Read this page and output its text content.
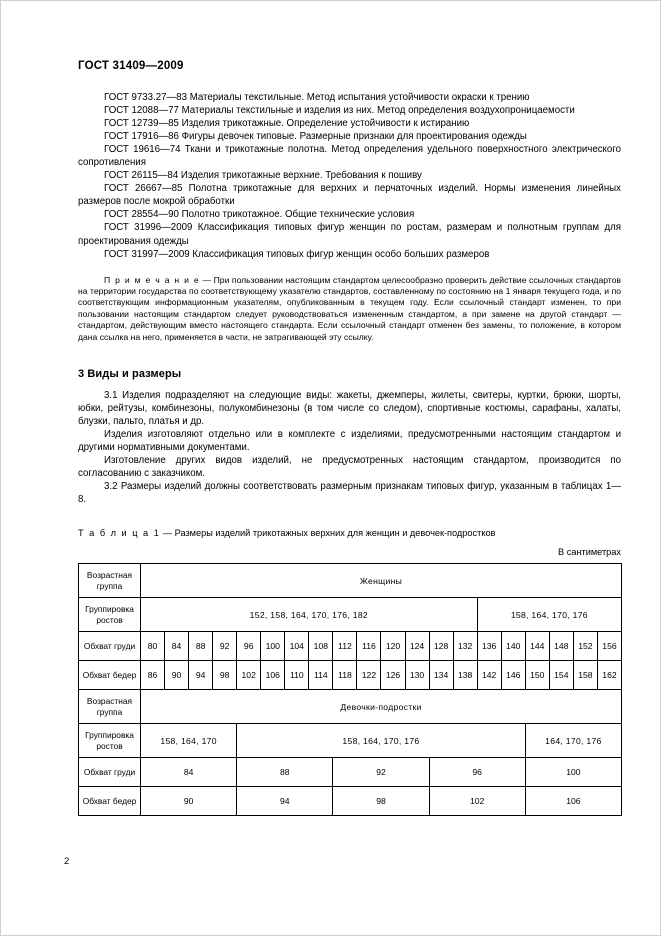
ГОСТ 31409—2009

ГОСТ 9733.27—83 Материалы текстильные. Метод испытания устойчивости окраски к трению

ГОСТ 12088—77 Материалы текстильные и изделия из них. Метод определения воздухопроницаемости

ГОСТ 12739—85 Изделия трикотажные. Определение устойчивости к истиранию

ГОСТ 17916—86 Фигуры девочек типовые. Размерные признаки для проектирования одежды

ГОСТ 19616—74 Ткани и трикотажные полотна. Метод определения удельного поверхностного электрического сопротивления

ГОСТ 26115—84 Изделия трикотажные верхние. Требования к пошиву

ГОСТ 26667—85 Полотна трикотажные для верхних и перчаточных изделий. Нормы изменения линейных размеров после мокрой обработки

ГОСТ 28554—90 Полотно трикотажное. Общие технические условия

ГОСТ 31996—2009 Классификация типовых фигур женщин по ростам, размерам и полнотным группам для проектирования одежды

ГОСТ 31997—2009 Классификация типовых фигур женщин особо больших размеров

П р и м е ч а н и е — При пользовании настоящим стандартом целесообразно проверить действие ссылочных стандартов на территории государства по соответствующему указателю стандартов, составленному по состоянию на 1 января текущего года, и по соответствующим информационным указателям, опубликованным в текущем году. Если ссылочный стандарт изменен, то при пользовании настоящим стандартом следует руководствоваться измененным стандартом, а при замене на другой стандарт — стандартом, действующим вместо настоящего стандарта. Если ссылочный стандарт отменен без замены, то положение, в котором дана ссылка на него, применяется в части, не затрагивающей эту ссылку.
3 Виды и размеры

3.1 Изделия подразделяют на следующие виды: жакеты, джемперы, жилеты, свитеры, куртки, брюки, шорты, юбки, рейтузы, комбинезоны, полукомбинезоны (в том числе со следом), спортивные костюмы, сарафаны, халаты, блузки, пальто, платья и др.

Изделия изготовляют отдельно или в комплекте с изделиями, предусмотренными настоящим стандартом и другими нормативными документами.

Изготовление других видов изделий, не предусмотренных настоящим стандартом, производится по согласованию с заказчиком.

3.2 Размеры изделий должны соответствовать размерным признакам типовых фигур, указанным в таблицах 1—8.

Т а б л и ц а 1 — Размеры изделий трикотажных верхних для женщин и девочек-подростков
В сантиметрах
Возрастная группа	Женщины																			
Группировка ростов	152, 158, 164, 170, 176, 182														158, 164, 170, 176					
Обхват груди	80	84	88	92	96	100	104	108	112	116	120	124	128	132	136	140	144	148	152	156
Обхват бедер	86	90	94	98	102	106	110	114	118	122	126	130	134	138	142	146	150	154	158	162
Возрастная группа	Девочки-подростки																			
Группировка ростов	158, 164, 170				158, 164, 170, 176												164, 170, 176			
Обхват груди	84				88				92				96				100			
Обхват бедер	90				94				98				102				106			
2
